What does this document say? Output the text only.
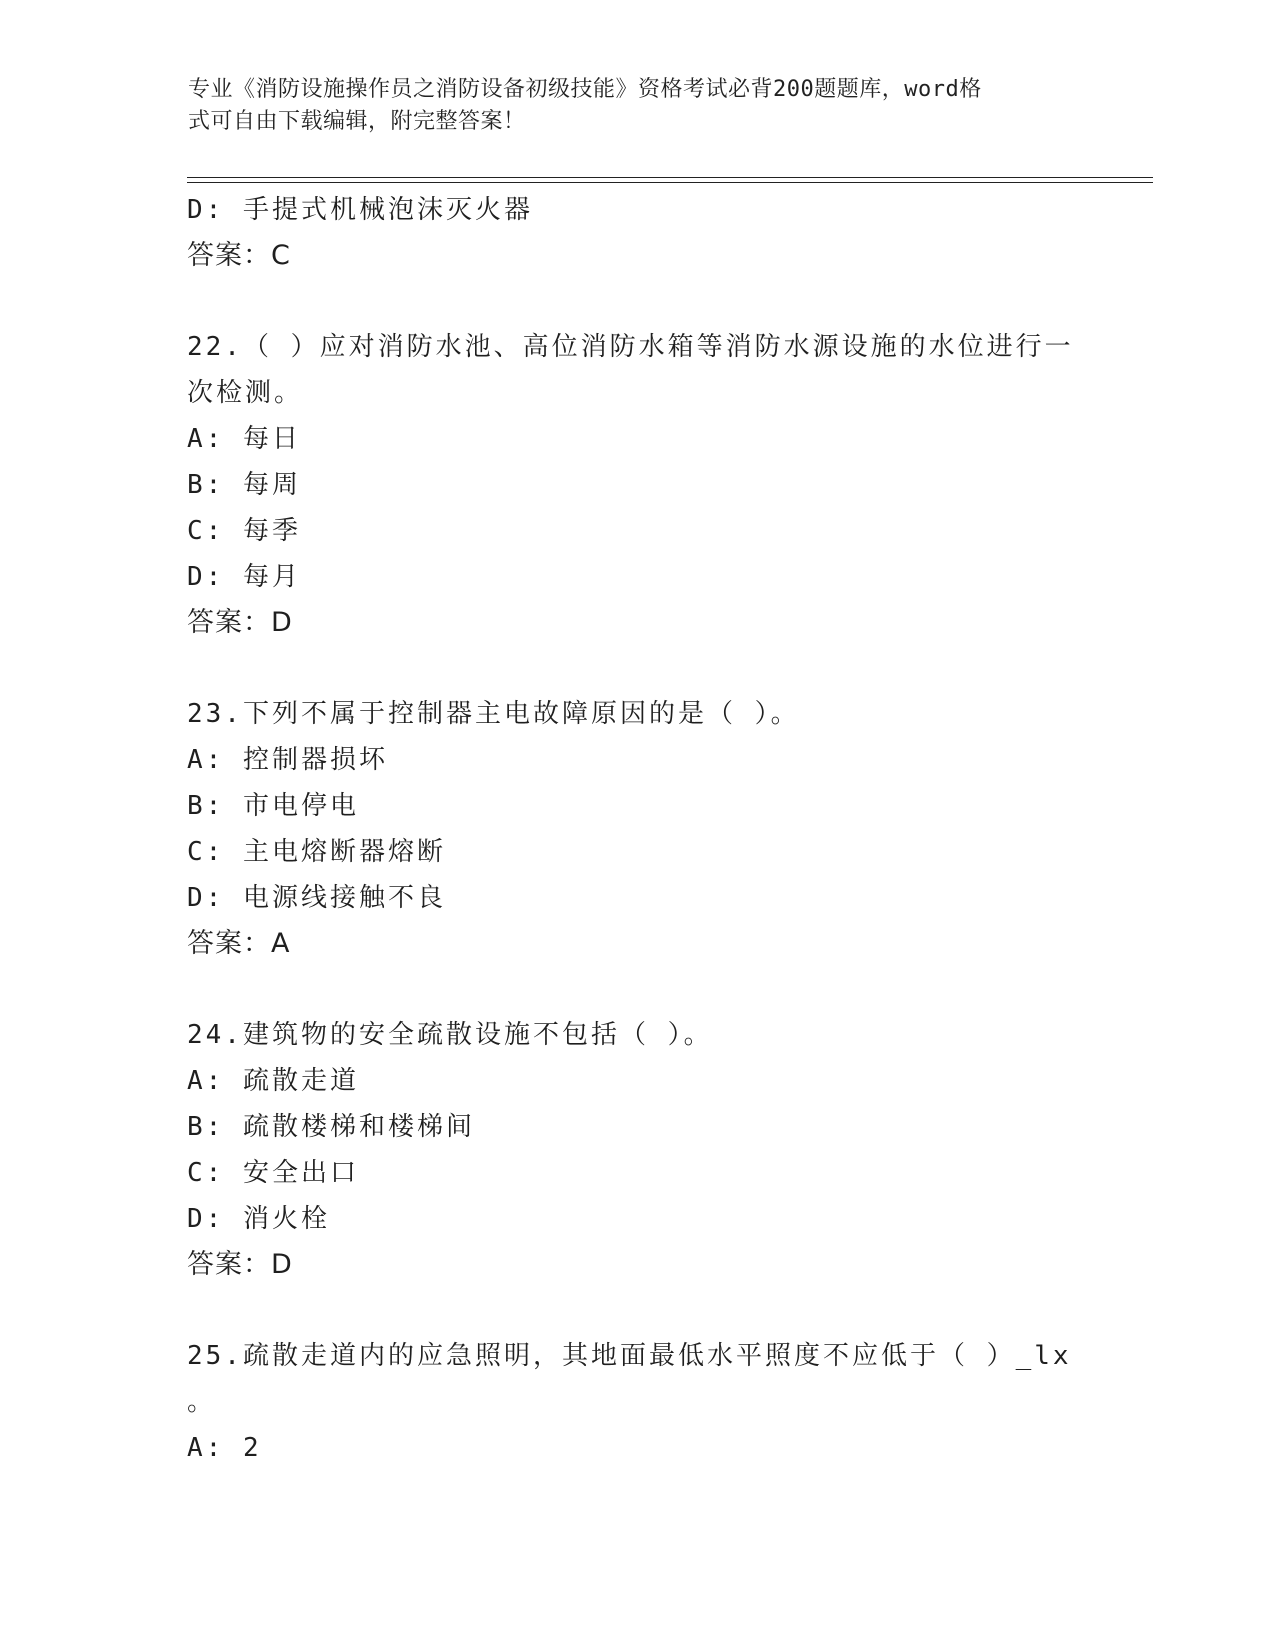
专业《消防设施操作员之消防设备初级技能》资格考试必背200题题库，word格
式可自由下载编辑，附完整答案！
D: 手提式机械泡沫灭火器
答案：C
22.（ ）应对消防水池、高位消防水箱等消防水源设施的水位进行一
次检测。
A: 每日
B: 每周
C: 每季
D: 每月
答案：D
23.下列不属于控制器主电故障原因的是（ ）。
A: 控制器损坏
B: 市电停电
C: 主电熔断器熔断
D: 电源线接触不良
答案：A
24.建筑物的安全疏散设施不包括（ ）。
A: 疏散走道
B: 疏散楼梯和楼梯间
C: 安全出口
D: 消火栓
答案：D
25.疏散走道内的应急照明，其地面最低水平照度不应低于（ ）_lx
。
A: 2
